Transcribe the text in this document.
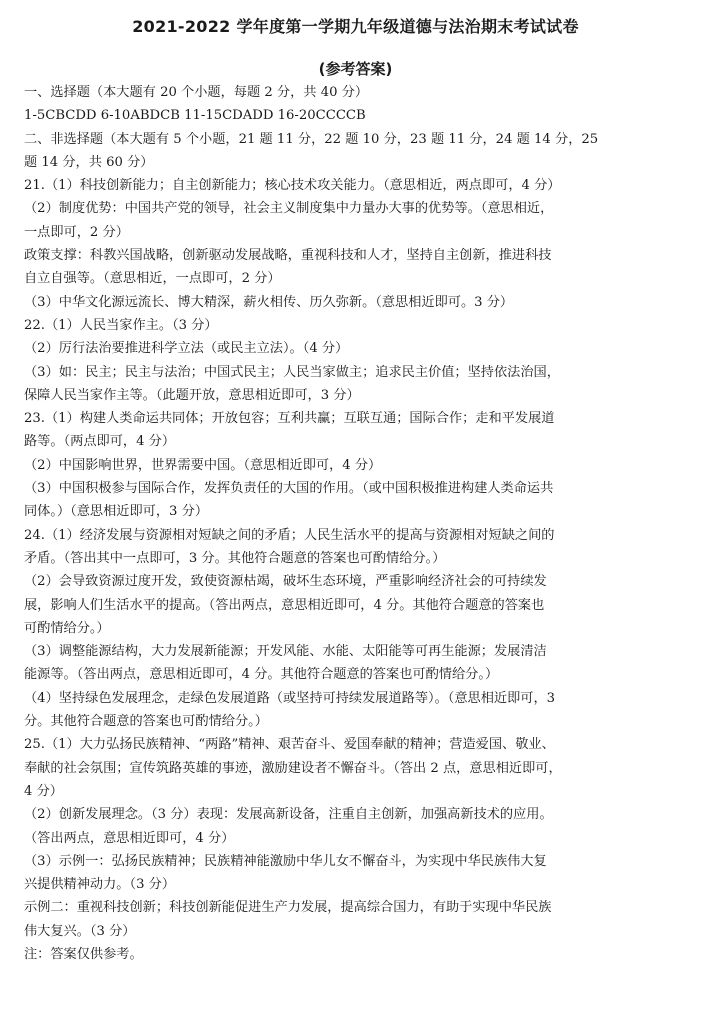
2021-2022 学年度第一学期九年级道德与法治期末考试试卷
(参考答案)
一、选择题（本大题有 20 个小题，每题 2 分，共 40 分）
1-5CBCDD 6-10ABDCB 11-15CDADD 16-20CCCCB
二、非选择题（本大题有 5 个小题，21 题 11 分，22 题 10 分，23 题 11 分，24 题 14 分，25
题 14 分，共 60 分）
21.（1）科技创新能力；自主创新能力；核心技术攻关能力。（意思相近，两点即可，4 分）
（2）制度优势：中国共产党的领导，社会主义制度集中力量办大事的优势等。（意思相近，
一点即可，2 分）
政策支撑：科教兴国战略，创新驱动发展战略，重视科技和人才，坚持自主创新，推进科技
自立自强等。（意思相近，一点即可，2 分）
（3）中华文化源远流长、博大精深，薪火相传、历久弥新。（意思相近即可。3 分）
22.（1）人民当家作主。（3 分）
（2）厉行法治要推进科学立法（或民主立法）。（4 分）
（3）如：民主；民主与法治；中国式民主；人民当家做主；追求民主价值；坚持依法治国，
保障人民当家作主等。（此题开放，意思相近即可，3 分）
23.（1）构建人类命运共同体；开放包容；互利共赢；互联互通；国际合作；走和平发展道
路等。（两点即可，4 分）
（2）中国影响世界，世界需要中国。（意思相近即可，4 分）
（3）中国积极参与国际合作，发挥负责任的大国的作用。（或中国积极推进构建人类命运共
同体。）（意思相近即可，3 分）
24.（1）经济发展与资源相对短缺之间的矛盾；人民生活水平的提高与资源相对短缺之间的
矛盾。（答出其中一点即可，3 分。其他符合题意的答案也可酌情给分。）
（2）会导致资源过度开发，致使资源枯竭，破坏生态环境，严重影响经济社会的可持续发
展，影响人们生活水平的提高。（答出两点，意思相近即可，4 分。其他符合题意的答案也
可酌情给分。）
（3）调整能源结构，大力发展新能源；开发风能、水能、太阳能等可再生能源；发展清洁
能源等。（答出两点，意思相近即可，4 分。其他符合题意的答案也可酌情给分。）
（4）坚持绿色发展理念，走绿色发展道路（或坚持可持续发展道路等）。（意思相近即可，3
分。其他符合题意的答案也可酌情给分。）
25.（1）大力弘扬民族精神、“两路”精神、艰苦奋斗、爱国奉献的精神；营造爱国、敬业、
奉献的社会氛围；宣传筑路英雄的事迹，激励建设者不懈奋斗。（答出 2 点，意思相近即可，
4 分）
（2）创新发展理念。（3 分）表现：发展高新设备，注重自主创新，加强高新技术的应用。
（答出两点，意思相近即可，4 分）
（3）示例一：弘扬民族精神；民族精神能激励中华儿女不懈奋斗，为实现中华民族伟大复
兴提供精神动力。（3 分）
示例二：重视科技创新；科技创新能促进生产力发展，提高综合国力，有助于实现中华民族
伟大复兴。（3 分）
注：答案仅供参考。
